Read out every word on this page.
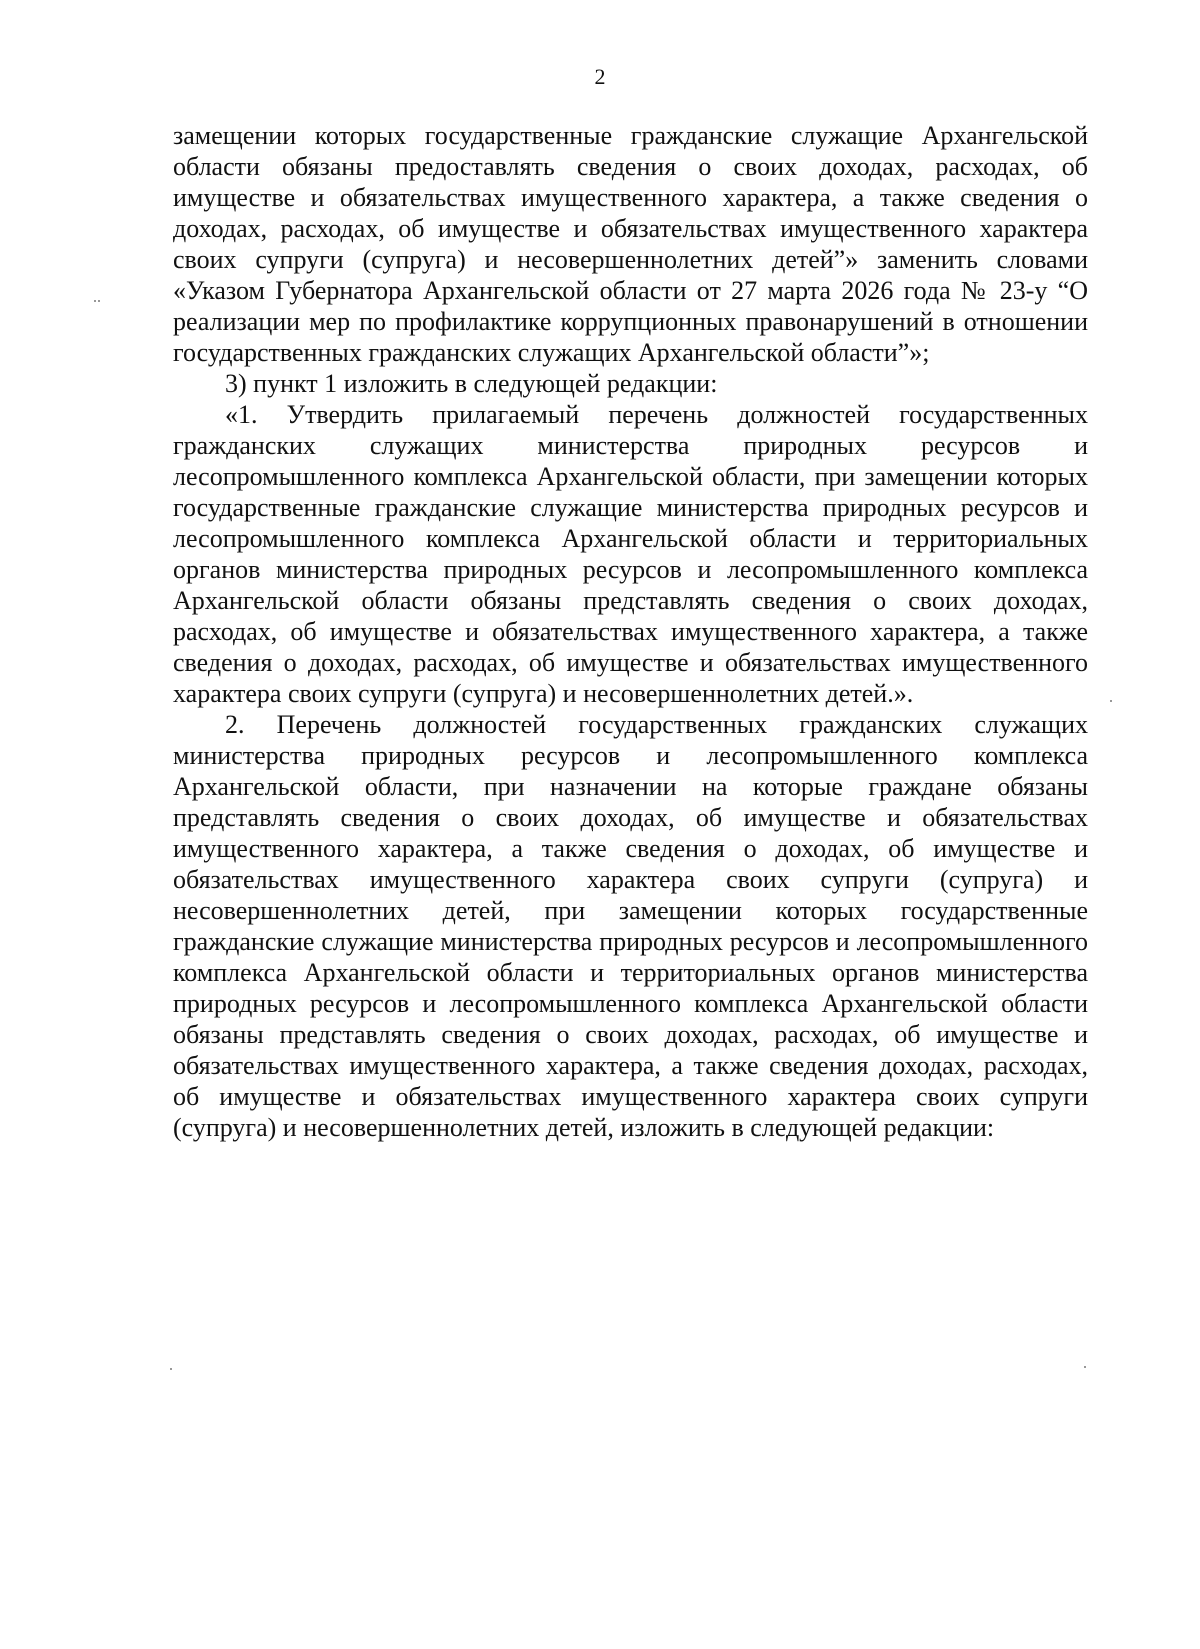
2

замещении которых государственные гражданские служащие Архангельской области обязаны предоставлять сведения о своих доходах, расходах, об имуществе и обязательствах имущественного характера, а также сведения о доходах, расходах, об имуществе и обязательствах имущественного характера своих супруги (супруга) и несовершеннолетних детей”» заменить словами «Указом Губернатора Архангельской области от 27 марта 2026 года № 23-у “О реализации мер по профилактике коррупционных правонарушений в отношении государственных гражданских служащих Архангельской области”»;

3) пункт 1 изложить в следующей редакции:

«1. Утвердить прилагаемый перечень должностей государственных гражданских служащих министерства природных ресурсов и лесопромышленного комплекса Архангельской области, при замещении которых государственные гражданские служащие министерства природных ресурсов и лесопромышленного комплекса Архангельской области и территориальных органов министерства природных ресурсов и лесопромышленного комплекса Архангельской области обязаны представлять сведения о своих доходах, расходах, об имуществе и обязательствах имущественного характера, а также сведения о доходах, расходах, об имуществе и обязательствах имущественного характера своих супруги (супруга) и несовершеннолетних детей.».

2. Перечень должностей государственных гражданских служащих министерства природных ресурсов и лесопромышленного комплекса Архангельской области, при назначении на которые граждане обязаны представлять сведения о своих доходах, об имуществе и обязательствах имущественного характера, а также сведения о доходах, об имуществе и обязательствах имущественного характера своих супруги (супруга) и несовершеннолетних детей, при замещении которых государственные гражданские служащие министерства природных ресурсов и лесопромышленного комплекса Архангельской области и территориальных органов министерства природных ресурсов и лесопромышленного комплекса Архангельской области обязаны представлять сведения о своих доходах, расходах, об имуществе и обязательствах имущественного характера, а также сведения доходах, расходах, об имуществе и обязательствах имущественного характера своих супруги (супруга) и несовершеннолетних детей, изложить в следующей редакции:
